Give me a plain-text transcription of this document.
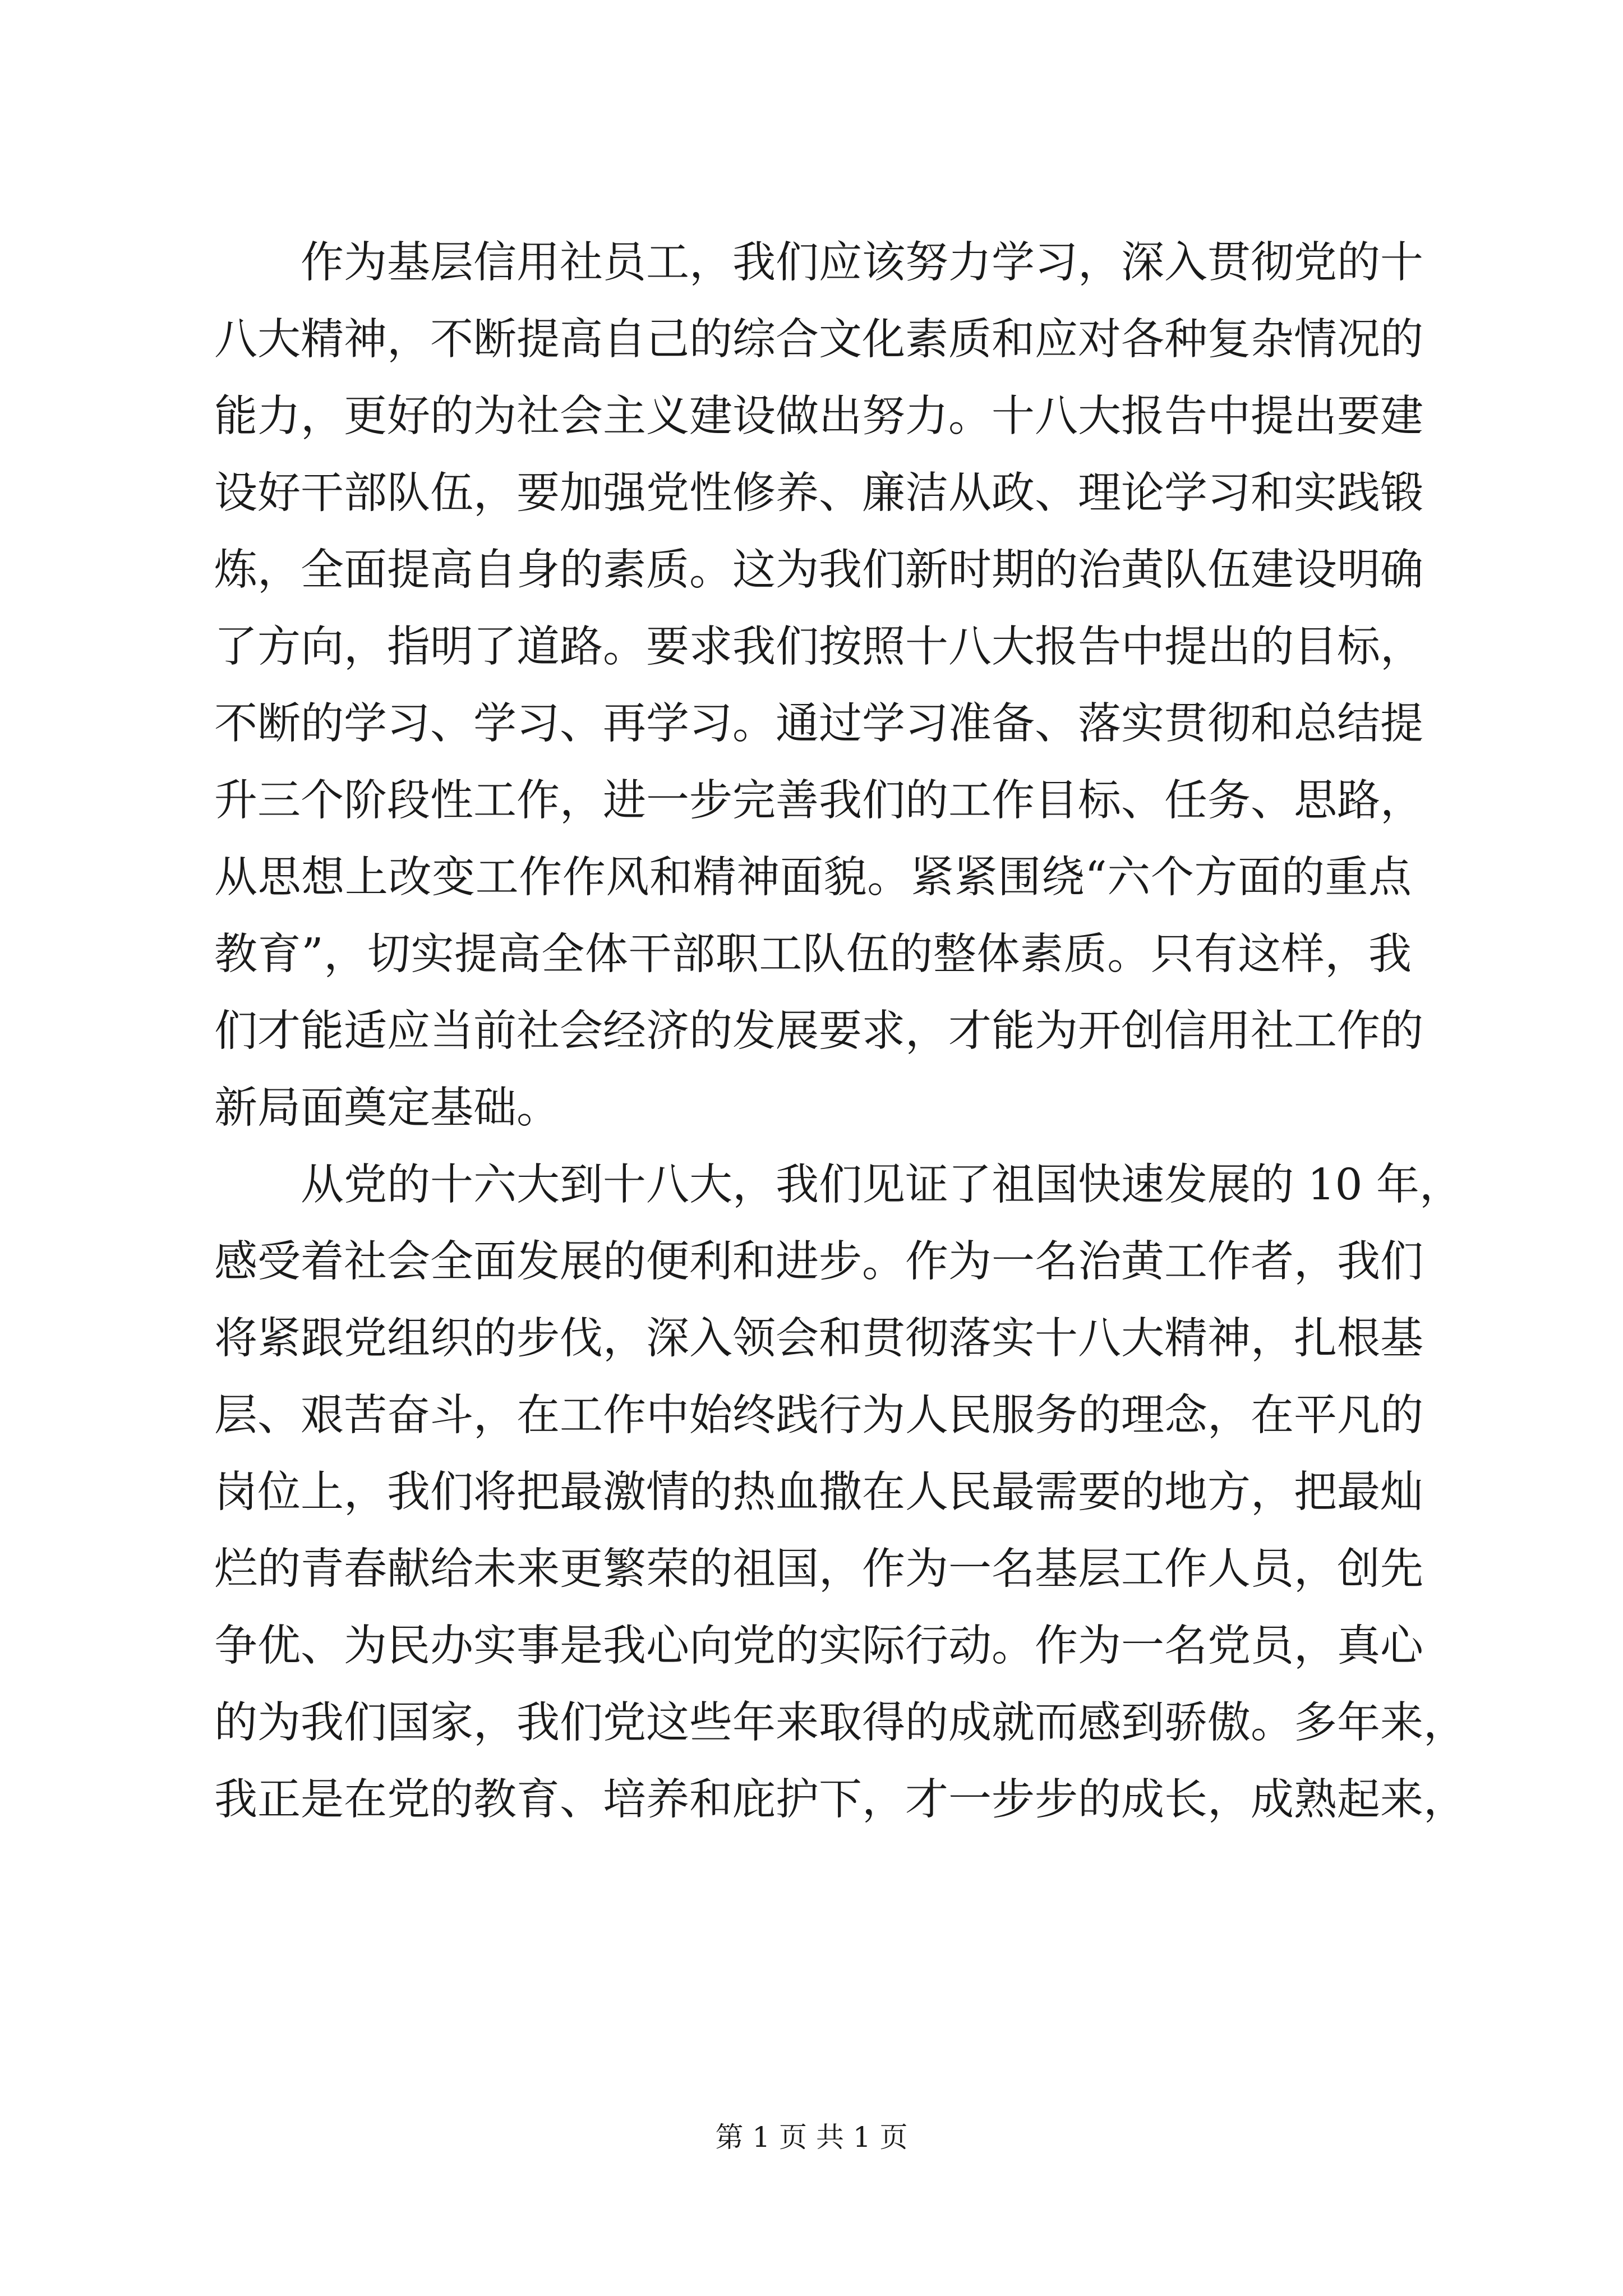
作为基层信用社员工，我们应该努力学习，深入贯彻党的十
八大精神，不断提高自己的综合文化素质和应对各种复杂情况的
能力，更好的为社会主义建设做出努力。十八大报告中提出要建
设好干部队伍，要加强党性修养、廉洁从政、理论学习和实践锻
炼，全面提高自身的素质。这为我们新时期的治黄队伍建设明确
了方向，指明了道路。要求我们按照十八大报告中提出的目标，
不断的学习、学习、再学习。通过学习准备、落实贯彻和总结提
升三个阶段性工作，进一步完善我们的工作目标、任务、思路，
从思想上改变工作作风和精神面貌。紧紧围绕“六个方面的重点
教育”，切实提高全体干部职工队伍的整体素质。只有这样，我
们才能适应当前社会经济的发展要求，才能为开创信用社工作的
新局面奠定基础。
从党的十六大到十八大，我们见证了祖国快速发展的 10 年，
感受着社会全面发展的便利和进步。作为一名治黄工作者，我们
将紧跟党组织的步伐，深入领会和贯彻落实十八大精神，扎根基
层、艰苦奋斗，在工作中始终践行为人民服务的理念，在平凡的
岗位上，我们将把最激情的热血撒在人民最需要的地方，把最灿
烂的青春献给未来更繁荣的祖国，作为一名基层工作人员，创先
争优、为民办实事是我心向党的实际行动。作为一名党员，真心
的为我们国家，我们党这些年来取得的成就而感到骄傲。多年来，
我正是在党的教育、培养和庇护下，才一步步的成长，成熟起来，
第 1 页 共 1 页
